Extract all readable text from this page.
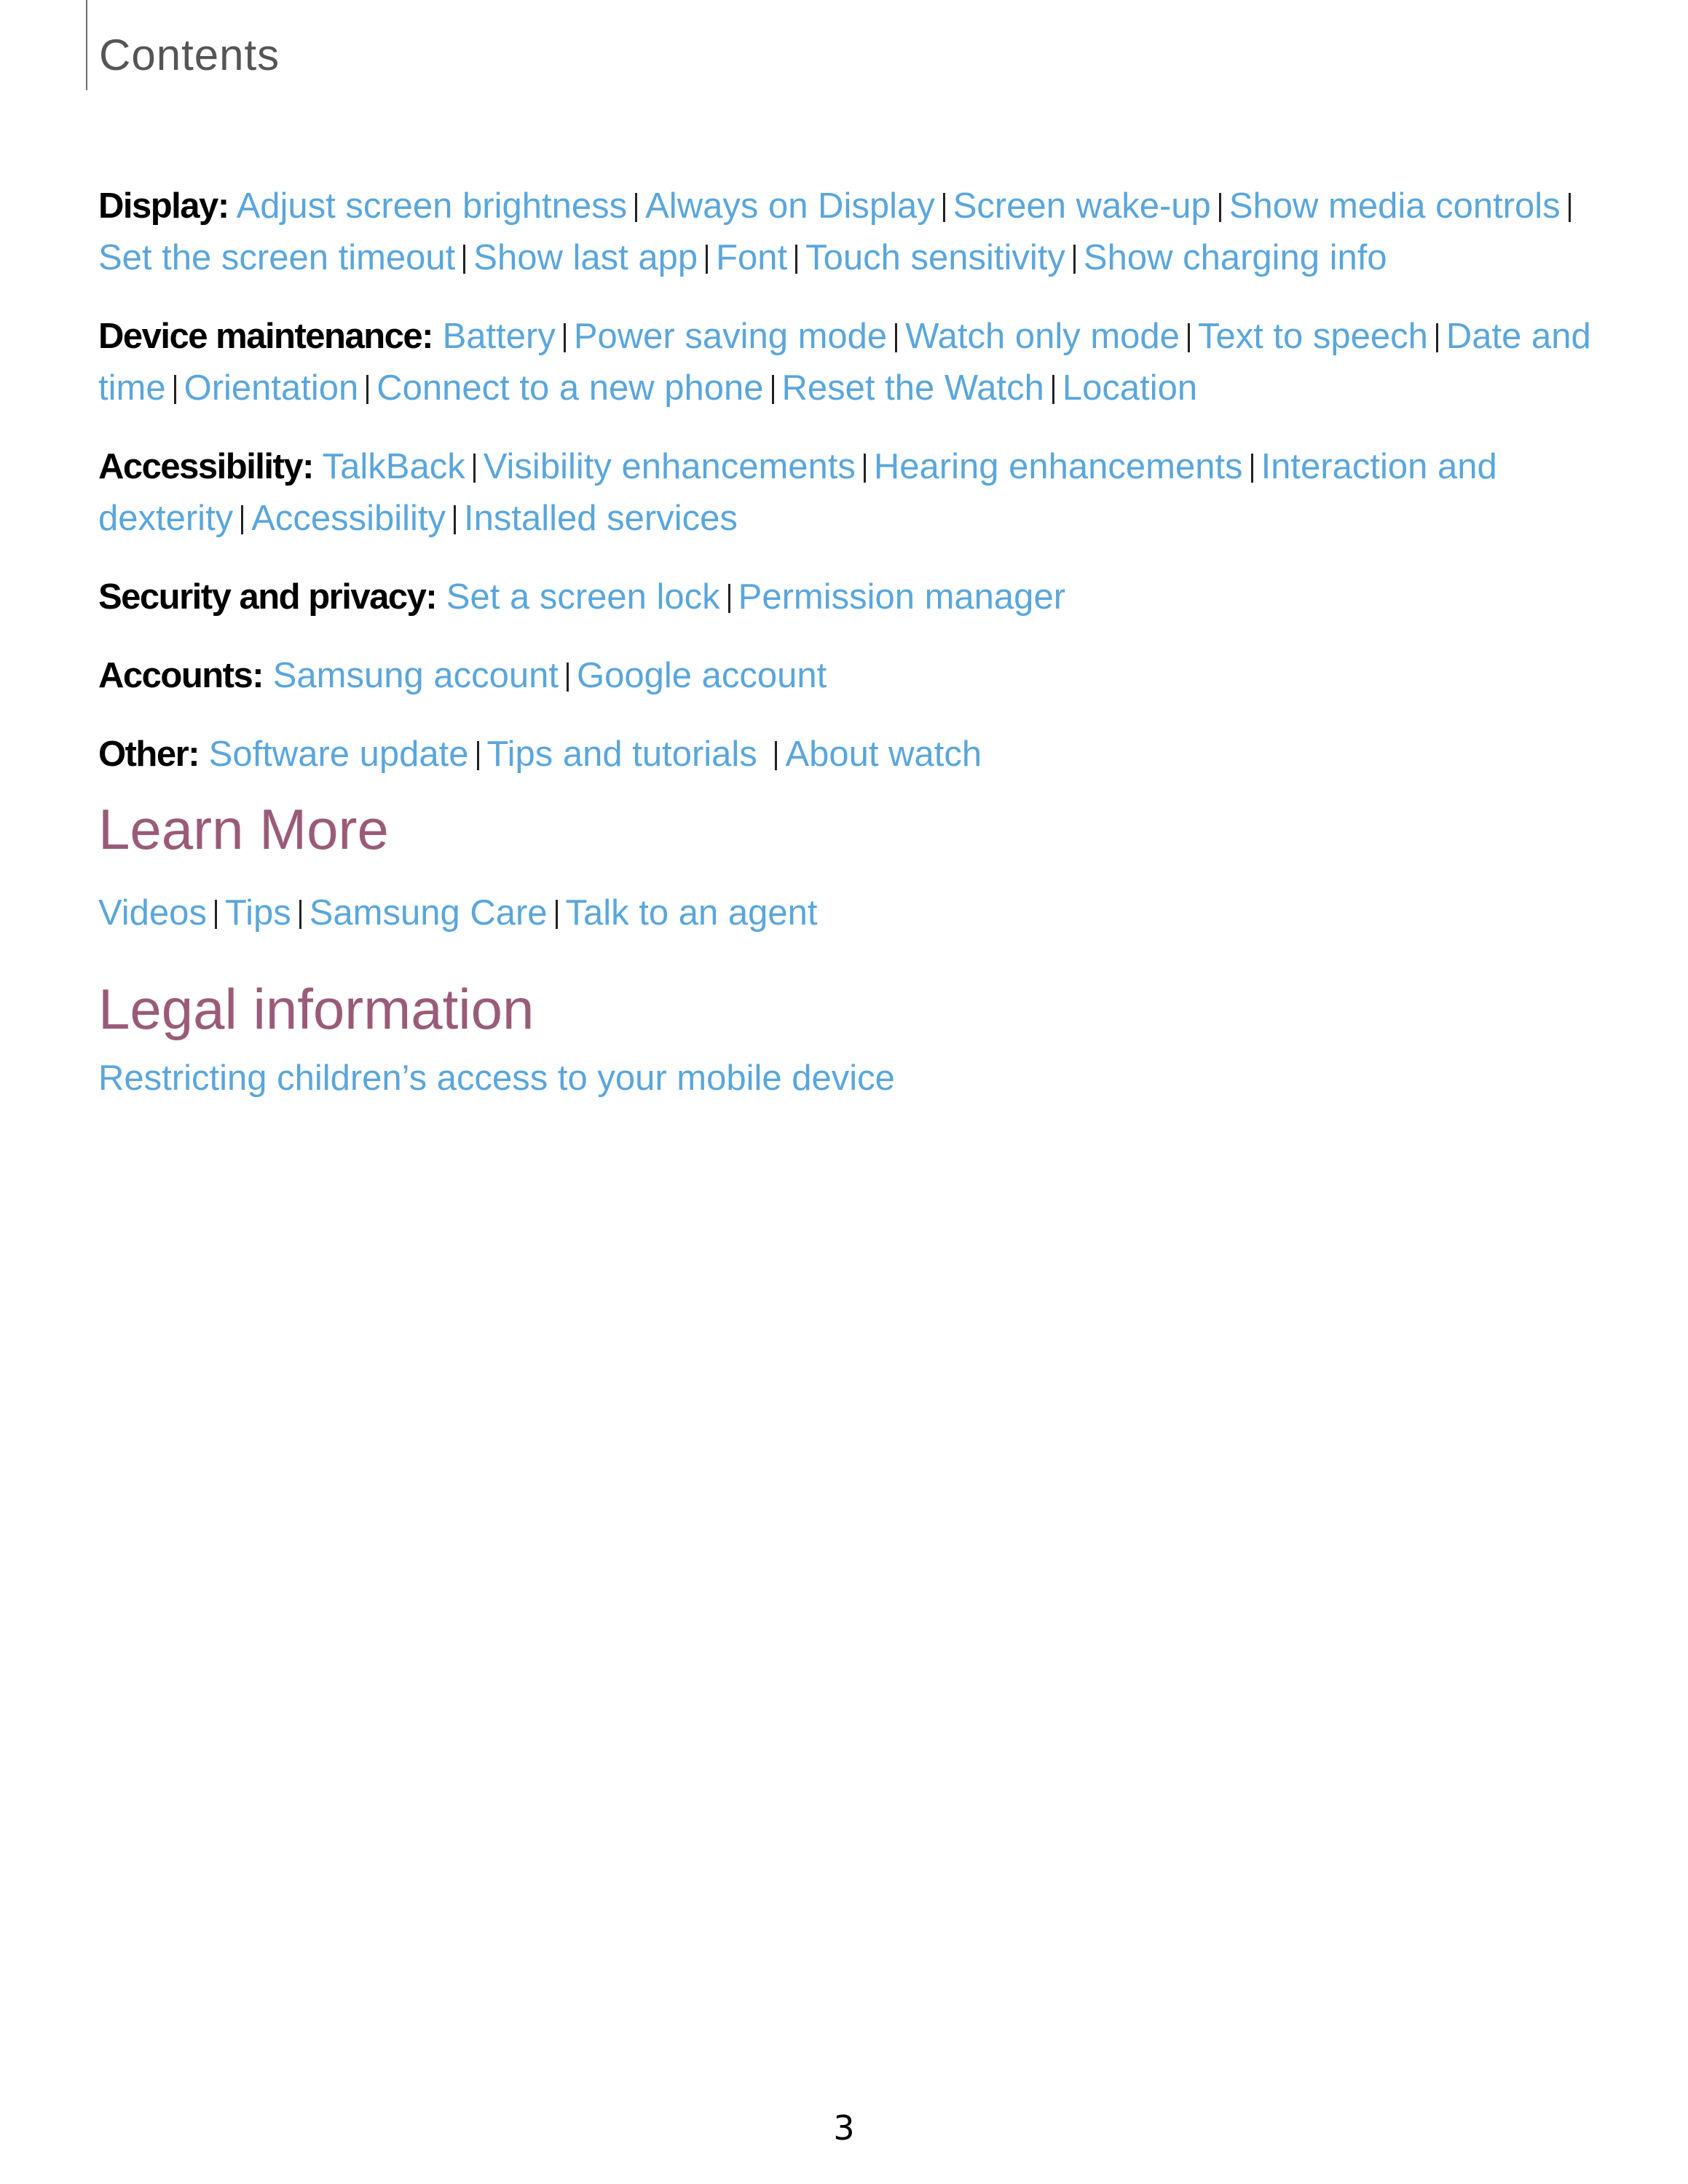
Contents

Display: Adjust screen brightness Always on Display Screen wake-up Show media controlsSet the screen timeout Show last app Font Touch sensitivity Show charging info

Device maintenance: Battery Power saving mode Watch only mode Text to speech Date and time Orientation Connect to a new phone Reset the Watch Location

Accessibility: TalkBack Visibility enhancements Hearing enhancements Interaction and dexterity Accessibility Installed services

Security and privacy: Set a screen lock Permission manager

Accounts: Samsung account Google account

Other: Software update Tips and tutorials About watch

Learn More

Videos Tips Samsung Care Talk to an agent

Legal information

Restricting children’s access to your mobile device

3
